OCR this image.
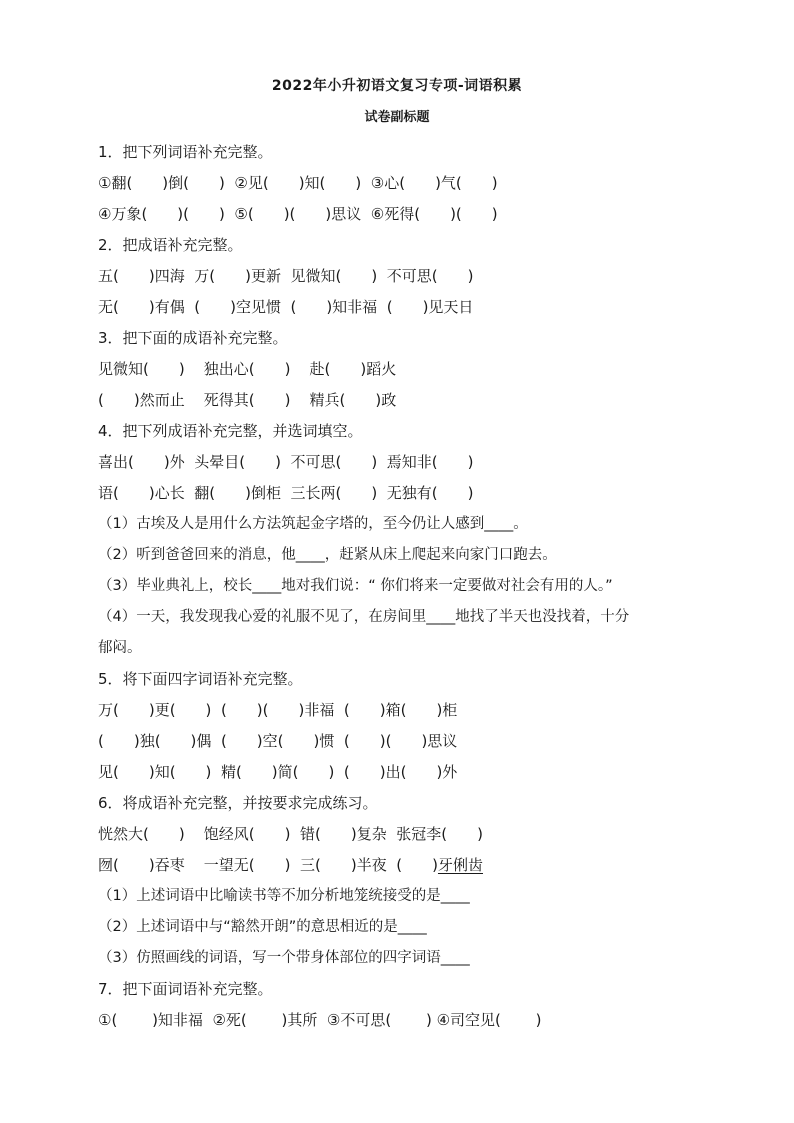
2022年小升初语文复习专项-词语积累
试卷副标题
1．把下列词语补充完整。
①翻(　　)倒(　　)  ②见(　　)知(　　)  ③心(　　)气(　　)
④万象(　　)(　　)  ⑤(　　)(　　)思议  ⑥死得(　　)(　　)
2．把成语补充完整。
五(　　)四海  万(　　)更新  见微知(　　)  不可思(　　)
无(　　)有偶  (　　)空见惯  (　　)知非福  (　　)见天日
3．把下面的成语补充完整。
见微知(　　)    独出心(　　)    赴(　　)蹈火
(　　)然而止    死得其(　　)    精兵(　　)政
4．把下列成语补充完整，并选词填空。
喜出(　　)外  头晕目(　　)  不可思(　　)  焉知非(　　)
语(　　)心长  翻(　　)倒柜  三长两(　　)  无独有(　　)
（1）古埃及人是用什么方法筑起金字塔的，至今仍让人感到____。
（2）听到爸爸回来的消息，他____，赶紧从床上爬起来向家门口跑去。
（3）毕业典礼上，校长____地对我们说：“ 你们将来一定要做对社会有用的人。”
（4）一天，我发现我心爱的礼服不见了，在房间里____地找了半天也没找着，十分
郁闷。
5．将下面四字词语补充完整。
万(　　)更(　　)  (　　)(　　)非福  (　　)箱(　　)柜
(　　)独(　　)偶  (　　)空(　　)惯  (　　)(　　)思议
见(　　)知(　　)  精(　　)简(　　)  (　　)出(　　)外
6．将成语补充完整，并按要求完成练习。
恍然大(　　)    饱经风(　　)  错(　　)复杂  张冠李(　　)
囫(　　)吞枣    一望无(　　)  三(　　)半夜  (　　)牙俐齿
（1）上述词语中比喻读书等不加分析地笼统接受的是____
（2）上述词语中与“豁然开朗”的意思相近的是____
（3）仿照画线的词语，写一个带身体部位的四字词语____
7．把下面词语补充完整。
①(　　 )知非福  ②死(　　 )其所  ③不可思(　　 ) ④司空见(　　 )
